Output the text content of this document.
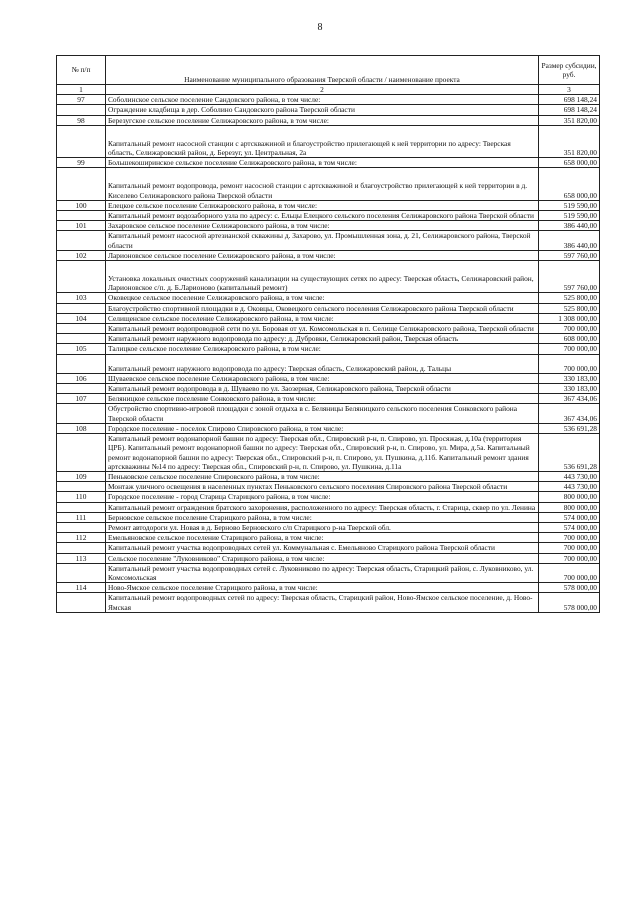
8
№ п/п	Наименование муниципального образования Тверской области / наименование проекта	Размер субсидии, руб.
1	2	3
97	Соболинское сельское поселение Сандовского района, в том числе:	698 148,24
	Ограждение кладбища в дер. Соболино Сандовского района Тверской области	698 148,24
98	Березугское сельское поселение Селижаровского района, в том числе:	351 820,00
	Капитальный ремонт насосной станции с артскважиной и благоустройство прилегающей к ней территории по адресу: Тверская область, Селижаровский район, д. Березуг, ул. Центральная, 2а	351 820,00
99	Большекоширинское сельское поселение Селижаровского района, в том числе:	658 000,00
	Капитальный ремонт водопровода, ремонт насосной станции с артскважиной и благоустройство прилегающей к ней территории в д. Киселево Селижаровского района Тверской области	658 000,00
100	Елецкое сельское поселение Селижаровского района, в том числе:	519 590,00
	Капитальный ремонт водозаборного узла по адресу: с. Ельцы Елецкого сельского поселения Селижаровского района Тверской области	519 590,00
101	Захаровское сельское поселение Селижаровского района, в том числе:	386 440,00
	Капитальный ремонт насосной артезианской скважины д. Захарово, ул. Промышленная зона, д. 21, Селижаровского района, Тверской области	386 440,00
102	Ларионовское сельское поселение Селижаровского района, в том числе:	597 760,00
	Установка локальных очистных сооружений канализации на существующих сетях по адресу: Тверская область, Селижаровский район, Ларионовское с/п. д. Б.Ларионово (капитальный ремонт)	597 760,00
103	Оковецкое сельское поселение Селижаровского района, в том числе:	525 800,00
	Благоустройство спортивной площадки в д. Оковцы, Оковецкого сельского поселения Селижаровского района Тверской области	525 800,00
104	Селищенское сельское поселение Селижаровского района, в том числе:	1 308 000,00
	Капитальный ремонт водопроводной сети по ул. Боровая от ул. Комсомольская в п. Селище Селижаровского района, Тверской области	700 000,00
	Капитальный ремонт наружного водопровода по адресу: д. Дубровки, Селижаровский район, Тверская область	608 000,00
105	Талицкое сельское поселение Селижаровского района, в том числе:	700 000,00
	Капитальный ремонт наружного водопровода по адресу: Тверская область, Селижаровский район, д. Тальцы	700 000,00
106	Шуваевское сельское поселение Селижаровского района, в том числе:	330 183,00
	Капитальный ремонт водопровода в д. Шуваево по ул. Заозерная, Селижаровского района, Тверской области	330 183,00
107	Беляницкое сельское поселение Сонковского района, в том числе:	367 434,06
	Обустройство спортивно-игровой площадки с зоной отдыха в с. Беляницы Беляницкого сельского поселения Сонковского района Тверской области	367 434,06
108	Городское поселение - поселок Спирово Спировского района, в том числе:	536 691,28
	Капитальный ремонт водонапорной башни по адресу: Тверская обл., Спировский р-н, п. Спирово, ул. Просяжая, д.10а (территория ЦРБ). Капитальный ремонт водонапорной башни по адресу: Тверская обл., Спировский р-н, п. Спирово, ул. Мира, д.5а. Капитальный ремонт водонапорной башни по адресу: Тверская обл., Спировский р-н, п. Спирово, ул. Пушкина, д.11б. Капитальный ремонт здания артскважины №14 по адресу: Тверская обл., Спировский р-н, п. Спирово, ул. Пушкина, д.11а	536 691,28
109	Пеньковское сельское поселение Спировского района, в том числе:	443 730,00
	Монтаж уличного освещения в населенных пунктах Пеньковского сельского поселения Спировского района Тверской области	443 730,00
110	Городское поселение - город Старица Старицкого района, в том числе:	800 000,00
	Капитальный ремонт ограждения братского захоронения, расположенного по адресу: Тверская область, г. Старица, сквер по ул. Ленина	800 000,00
111	Берновское сельское поселение Старицкого района, в том числе:	574 000,00
	Ремонт автодороги ул. Новая в д. Берново Берновского с/п Старицкого р-на Тверской обл.	574 000,00
112	Емельяновское сельское поселение Старицкого района, в том числе:	700 000,00
	Капитальный ремонт участка водопроводных сетей ул. Коммунальная с. Емельяново Старицкого района Тверской области	700 000,00
113	Сельское поселение "Луковниково" Старицкого района, в том числе:	700 000,00
	Капитальный ремонт участка водопроводных сетей с. Луковниково по адресу: Тверская область, Старицкий район, с. Луковниково, ул. Комсомольская	700 000,00
114	Ново-Ямское сельское поселение Старицкого района, в том числе:	578 000,00
	Капитальный ремонт водопроводных сетей по адресу: Тверская область, Старицкий район, Ново-Ямское сельское поселение, д. Ново-Ямская	578 000,00
